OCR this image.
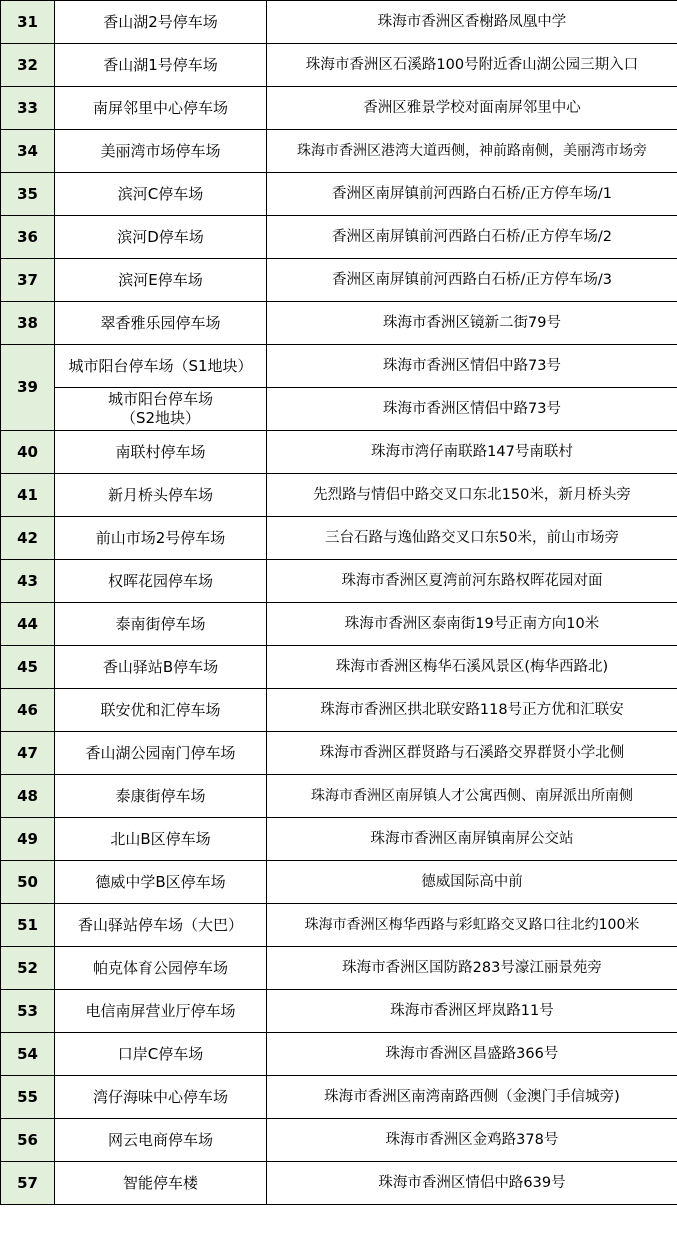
31	香山湖2号停车场	珠海市香洲区香榭路凤凰中学
32	香山湖1号停车场	珠海市香洲区石溪路100号附近香山湖公园三期入口
33	南屏邻里中心停车场	香洲区雅景学校对面南屏邻里中心
34	美丽湾市场停车场	珠海市香洲区港湾大道西侧，神前路南侧，美丽湾市场旁
35	滨河C停车场	香洲区南屏镇前河西路白石桥/正方停车场/1
36	滨河D停车场	香洲区南屏镇前河西路白石桥/正方停车场/2
37	滨河E停车场	香洲区南屏镇前河西路白石桥/正方停车场/3
38	翠香雅乐园停车场	珠海市香洲区镜新二街79号
39	城市阳台停车场（S1地块）	珠海市香洲区情侣中路73号
	城市阳台停车场（S2地块）	珠海市香洲区情侣中路73号
40	南联村停车场	珠海市湾仔南联路147号南联村
41	新月桥头停车场	先烈路与情侣中路交叉口东北150米，新月桥头旁
42	前山市场2号停车场	三台石路与逸仙路交叉口东50米，前山市场旁
43	权晖花园停车场	珠海市香洲区夏湾前河东路权晖花园对面
44	泰南街停车场	珠海市香洲区泰南街19号正南方向10米
45	香山驿站B停车场	珠海市香洲区梅华石溪风景区(梅华西路北)
46	联安优和汇停车场	珠海市香洲区拱北联安路118号正方优和汇联安
47	香山湖公园南门停车场	珠海市香洲区群贤路与石溪路交界群贤小学北侧
48	泰康街停车场	珠海市香洲区南屏镇人才公寓西侧、南屏派出所南侧
49	北山B区停车场	珠海市香洲区南屏镇南屏公交站
50	德威中学B区停车场	德威国际高中前
51	香山驿站停车场（大巴）	珠海市香洲区梅华西路与彩虹路交叉路口往北约100米
52	帕克体育公园停车场	珠海市香洲区国防路283号濠江丽景苑旁
53	电信南屏营业厅停车场	珠海市香洲区坪岚路11号
54	口岸C停车场	珠海市香洲区昌盛路366号
55	湾仔海味中心停车场	珠海市香洲区南湾南路西侧（金澳门手信城旁)
56	网云电商停车场	珠海市香洲区金鸡路378号
57	智能停车楼	珠海市香洲区情侣中路639号
